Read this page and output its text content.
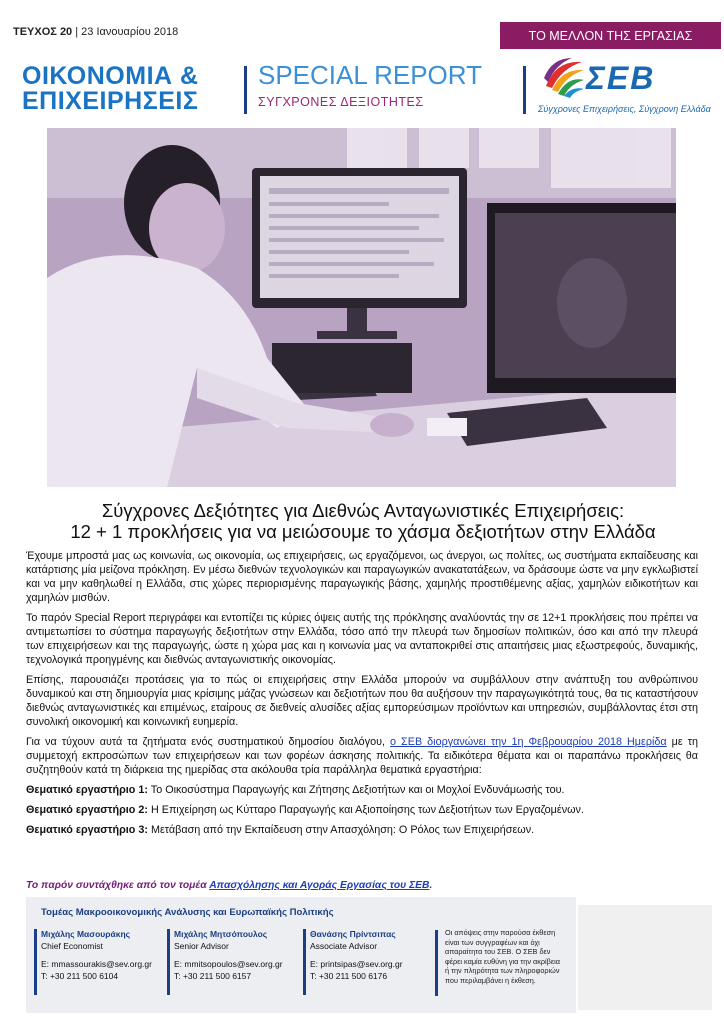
ΤΕΥΧΟΣ 20 | 23 Ιανουαρίου 2018	ΤΟ ΜΕΛΛΟΝ ΤΗΣ ΕΡΓΑΣΙΑΣ
ΟΙΚΟΝΟΜΙΑ &
ΕΠΙΧΕΙΡΗΣΕΙΣ
SPECIAL REPORT
ΣΥΓΧΡΟΝΕΣ ΔΕΞΙΟΤΗΤΕΣ
ΣΕΒ
Σύγχρονες Επιχειρήσεις, Σύγχρονη Ελλάδα
Σύγχρονες Δεξιότητες για Διεθνώς Ανταγωνιστικές Επιχειρήσεις:
12 + 1 προκλήσεις για να μειώσουμε το χάσμα δεξιοτήτων στην Ελλάδα

Έχουμε μπροστά μας ως κοινωνία, ως οικονομία, ως επιχειρήσεις, ως εργαζόμενοι, ως άνεργοι, ως πολίτες, ως συστήματα εκπαίδευσης και κατάρτισης μία μείζονα πρόκληση. Εν μέσω διεθνών τεχνολογικών και παραγωγικών ανακατατάξεων, να δράσουμε ώστε να μην εγκλωβιστεί και να μην καθηλωθεί η Ελλάδα, στις χώρες περιορισμένης παραγωγικής βάσης, χαμηλής προστιθέμενης αξίας, χαμηλών ειδικοτήτων και χαμηλών μισθών.

Το παρόν Special Report περιγράφει και εντοπίζει τις κύριες όψεις αυτής της πρόκλησης αναλύοντάς την σε 12+1 προκλήσεις που πρέπει να αντιμετωπίσει το σύστημα παραγωγής δεξιοτήτων στην Ελλάδα, τόσο από την πλευρά των δημοσίων πολιτικών, όσο και από την πλευρά των επιχειρήσεων και της παραγωγής, ώστε η χώρα μας και η κοινωνία μας να ανταποκριθεί στις απαιτήσεις μιας εξωστρεφούς, δυναμικής, τεχνολογικά προηγμένης και διεθνώς ανταγωνιστικής οικονομίας.

Επίσης, παρουσιάζει προτάσεις για το πώς οι επιχειρήσεις στην Ελλάδα μπορούν να συμβάλλουν στην ανάπτυξη του ανθρώπινου δυναμικού και στη δημιουργία μιας κρίσιμης μάζας γνώσεων και δεξιοτήτων που θα αυξήσουν την παραγωγικότητά τους, θα τις καταστήσουν διεθνώς ανταγωνιστικές και επιμένως, εταίρους σε διεθνείς αλυσίδες αξίας εμπορεύσιμων προϊόντων και υπηρεσιών, συμβάλλοντας έτσι στη συνολική οικονομική και κοινωνική ευημερία.

Για να τύχουν αυτά τα ζητήματα ενός συστηματικού δημοσίου διαλόγου, ο ΣΕΒ διοργανώνει την 1η Φεβρουαρίου 2018 Ημερίδα με τη συμμετοχή εκπροσώπων των επιχειρήσεων και των φορέων άσκησης πολιτικής. Τα ειδικότερα θέματα και οι παραπάνω προκλήσεις θα συζητηθούν κατά τη διάρκεια της ημερίδας στα ακόλουθα τρία παράλληλα θεματικά εργαστήρια:

Θεματικό εργαστήριο 1: Το Οικοσύστημα Παραγωγής και Ζήτησης Δεξιοτήτων και οι Μοχλοί Ενδυνάμωσής του.

Θεματικό εργαστήριο 2: Η Επιχείρηση ως Κύτταρο Παραγωγής και Αξιοποίησης των Δεξιοτήτων των Εργαζομένων.

Θεματικό εργαστήριο 3: Μετάβαση από την Εκπαίδευση στην Απασχόληση: Ο Ρόλος των Επιχειρήσεων.

Το παρόν συντάχθηκε από τον τομέα Απασχόλησης και Αγοράς Εργασίας του ΣΕΒ.
Τομέας Μακροοικονομικής Ανάλυσης και Ευρωπαϊκής Πολιτικής
Μιχάλης Μασουράκης
Chief Economist
E: mmassourakis@sev.org.gr
T: +30 211 500 6104
Μιχάλης Μητσόπουλος
Senior Advisor
E: mmitsopoulos@sev.org.gr
T: +30 211 500 6157
Θανάσης Πρίντσιπας
Associate Advisor
E: printsipas@sev.org.gr
T: +30 211 500 6176
Οι απόψεις στην παρούσα έκθεση είναι των συγγραφέων και όχι απαραίτητα του ΣΕΒ. Ο ΣΕΒ δεν φέρει καμία ευθύνη για την ακρίβεια ή την πληρότητα των πληροφοριών που περιλαμβάνει η έκθεση.
